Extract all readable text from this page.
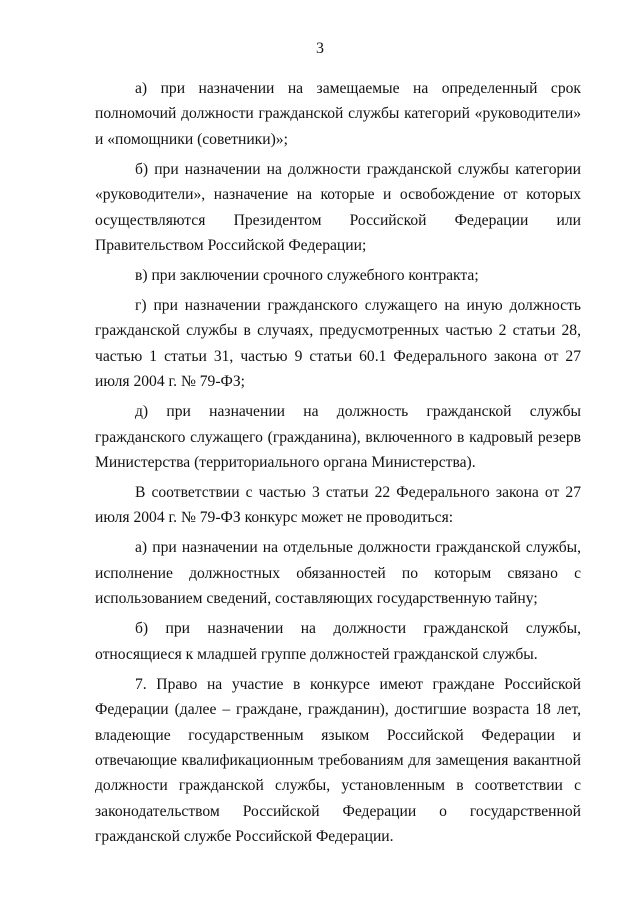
3

а) при назначении на замещаемые на определенный срок полномочий должности гражданской службы категорий «руководители» и «помощники (советники)»;

б) при назначении на должности гражданской службы категории «руководители», назначение на которые и освобождение от которых осуществляются Президентом Российской Федерации или Правительством Российской Федерации;

в) при заключении срочного служебного контракта;

г) при назначении гражданского служащего на иную должность гражданской службы в случаях, предусмотренных частью 2 статьи 28, частью 1 статьи 31, частью 9 статьи 60.1 Федерального закона от 27 июля 2004 г. № 79-ФЗ;

д) при назначении на должность гражданской службы гражданского служащего (гражданина), включенного в кадровый резерв Министерства (территориального органа Министерства).

В соответствии с частью 3 статьи 22 Федерального закона от 27 июля 2004 г. № 79-ФЗ конкурс может не проводиться:

а) при назначении на отдельные должности гражданской службы, исполнение должностных обязанностей по которым связано с использованием сведений, составляющих государственную тайну;

б) при назначении на должности гражданской службы, относящиеся к младшей группе должностей гражданской службы.

7. Право на участие в конкурсе имеют граждане Российской Федерации (далее – граждане, гражданин), достигшие возраста 18 лет, владеющие государственным языком Российской Федерации и отвечающие квалификационным требованиям для замещения вакантной должности гражданской службы, установленным в соответствии с законодательством Российской Федерации о государственной гражданской службе Российской Федерации.
